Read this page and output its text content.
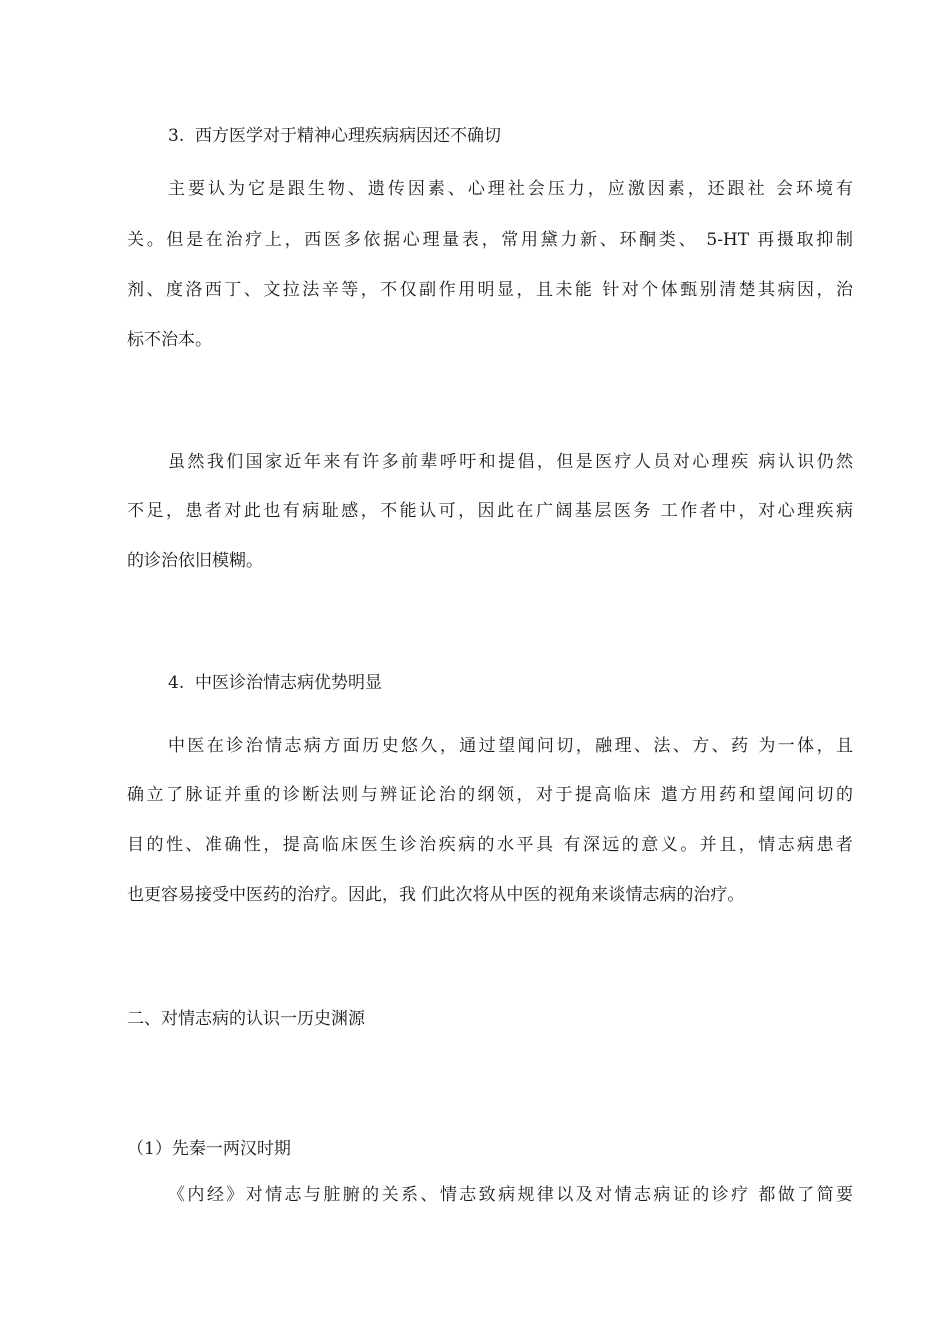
3.  西方医学对于精神心理疾病病因还不确切
主要认为它是跟生物、遗传因素、心理社会压力，应激因素，还跟社 会环境有
关。但是在治疗上，西医多依据心理量表，常用黛力新、环酮类、 5-HT 再摄取抑制
剂、度洛西丁、文拉法辛等，不仅副作用明显，且未能 针对个体甄别清楚其病因，治
标不治本。
虽然我们国家近年来有许多前辈呼吁和提倡，但是医疗人员对心理疾 病认识仍然
不足，患者对此也有病耻感，不能认可，因此在广阔基层医务 工作者中，对心理疾病
的诊治依旧模糊。
4.  中医诊治情志病优势明显
中医在诊治情志病方面历史悠久，通过望闻问切，融理、法、方、药 为一体，且
确立了脉证并重的诊断法则与辨证论治的纲领，对于提高临床 遣方用药和望闻问切的
目的性、准确性，提高临床医生诊治疾病的水平具 有深远的意义。并且，情志病患者
也更容易接受中医药的治疗。因此，我 们此次将从中医的视角来谈情志病的治疗。
二、对情志病的认识一历史渊源
（1）先秦一两汉时期
《内经》对情志与脏腑的关系、情志致病规律以及对情志病证的诊疗 都做了简要
